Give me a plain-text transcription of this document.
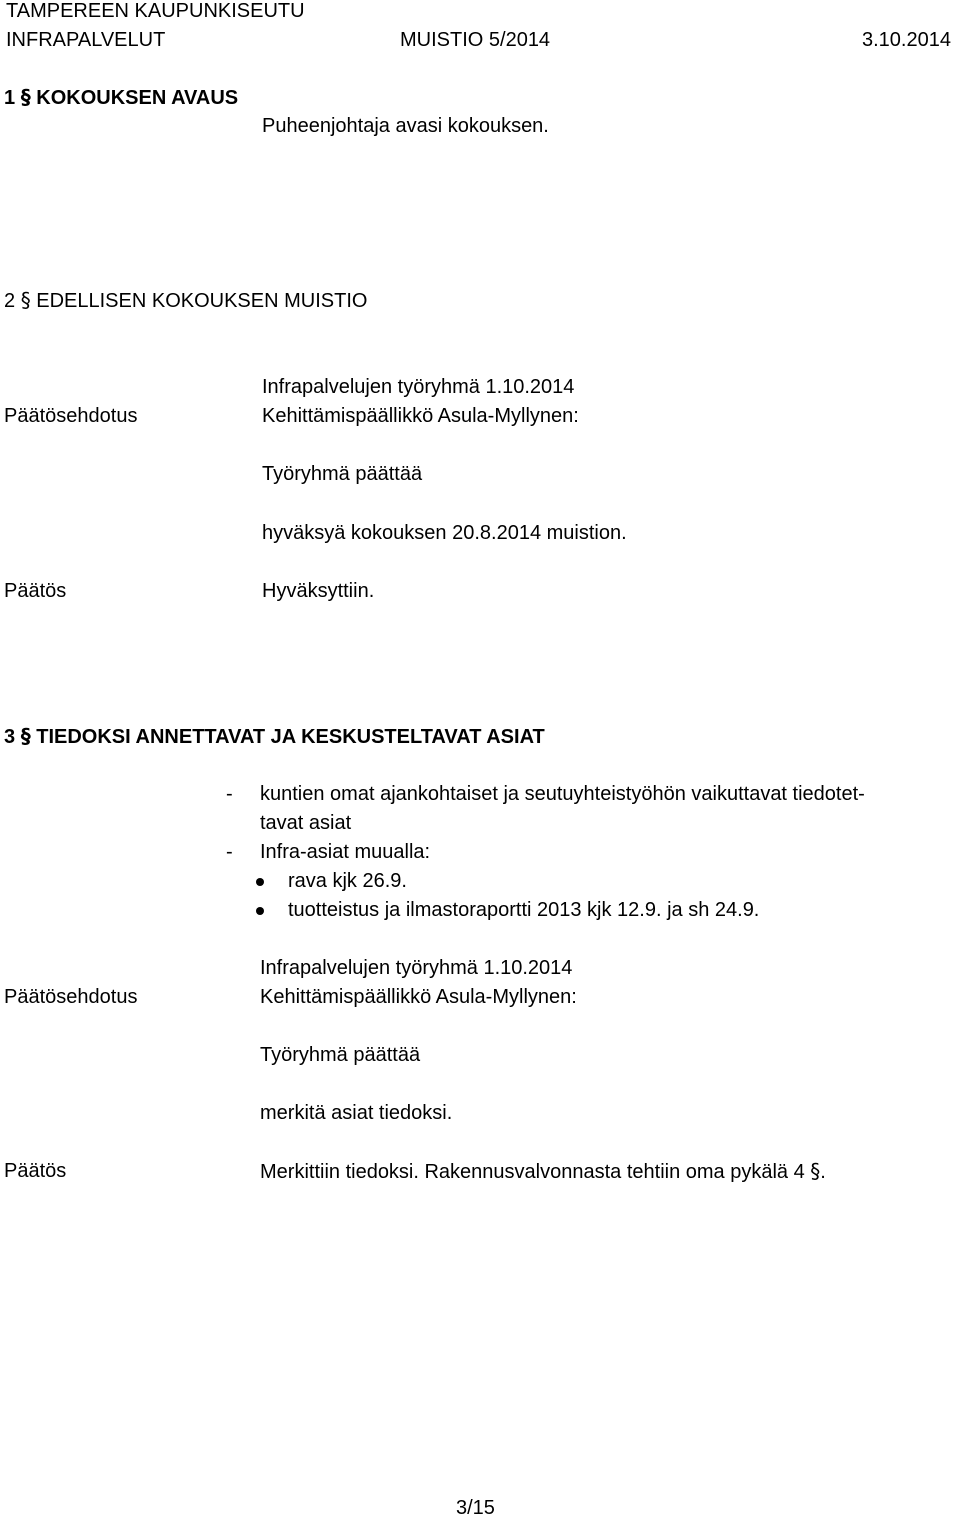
TAMPEREEN KAUPUNKISEUTU
INFRAPALVELUT	MUISTIO 5/2014	3.10.2014
1 § KOKOUKSEN AVAUS
Puheenjohtaja avasi kokouksen.
2 § EDELLISEN KOKOUKSEN MUISTIO
Infrapalvelujen työryhmä 1.10.2014
Päätösehdotus	Kehittämispäällikkö Asula-Myllynen:
Työryhmä päättää
hyväksyä kokouksen 20.8.2014 muistion.
Päätös	Hyväksyttiin.
3 § TIEDOKSI ANNETTAVAT JA KESKUSTELTAVAT ASIAT
- kuntien omat ajankohtaiset ja seutuyhteistyöhön vaikuttavat tiedotet-
tavat asiat
- Infra-asiat muualla:
rava kjk 26.9.
tuotteistus ja ilmastoraportti 2013 kjk 12.9. ja sh 24.9.
Infrapalvelujen työryhmä 1.10.2014
Päätösehdotus	Kehittämispäällikkö Asula-Myllynen:
Työryhmä päättää
merkitä asiat tiedoksi.
Päätös	Merkittiin tiedoksi. Rakennusvalvonnasta tehtiin oma pykälä 4 §.
3/15
